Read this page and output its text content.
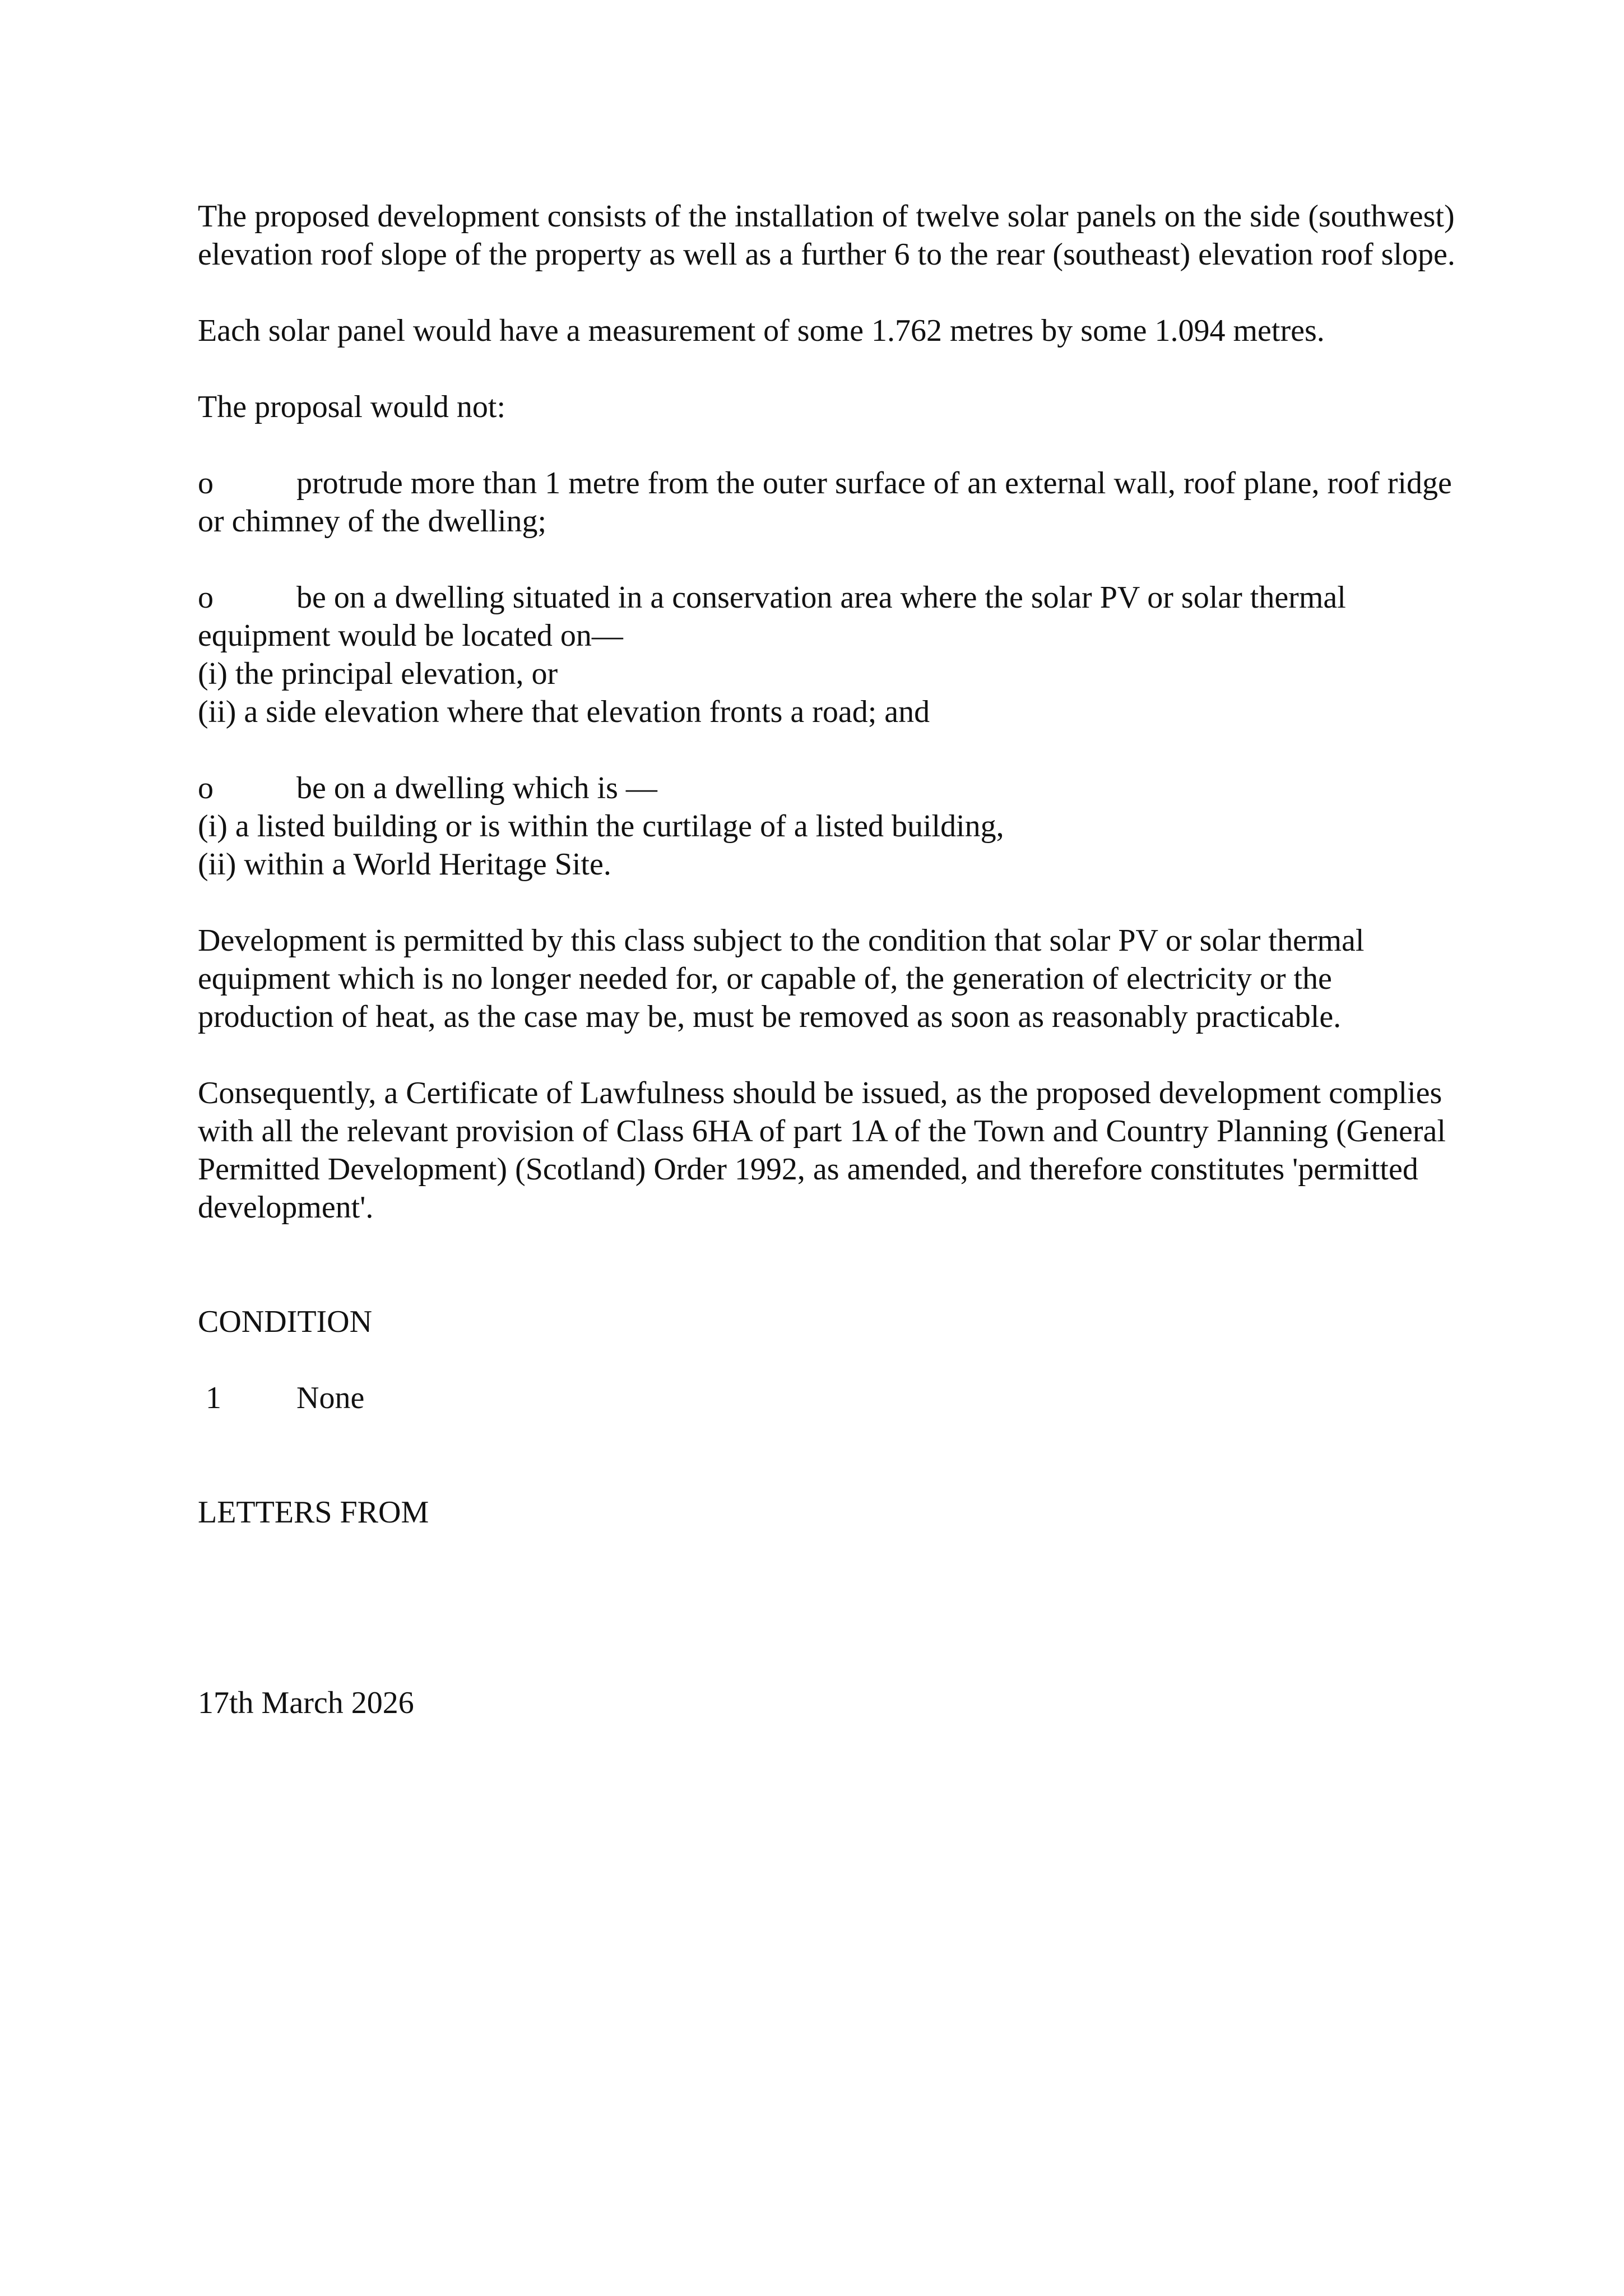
The proposed development consists of the installation of twelve solar panels on the side (southwest) elevation roof slope of the property as well as a further 6 to the rear (southeast) elevation roof slope.

Each solar panel would have a measurement of some 1.762 metres by some 1.094 metres.

The proposal would not:

o	protrude more than 1 metre from the outer surface of an external wall, roof plane, roof ridge or chimney of the dwelling;

o	be on a dwelling situated in a conservation area where the solar PV or solar thermal equipment would be located on—

(i) the principal elevation, or

(ii) a side elevation where that elevation fronts a road; and

o	be on a dwelling which is —

(i) a listed building or is within the curtilage of a listed building,

(ii) within a World Heritage Site.

Development is permitted by this class subject to the condition that solar PV or solar thermal equipment which is no longer needed for, or capable of, the generation of electricity or the production of heat, as the case may be, must be removed as soon as reasonably practicable.

Consequently, a Certificate of Lawfulness should be issued, as the proposed development complies with all the relevant provision of Class 6HA of part 1A of the Town and Country Planning (General Permitted Development) (Scotland) Order 1992, as amended, and therefore constitutes 'permitted development'.

CONDITION

1 None

LETTERS FROM

17th March 2026
